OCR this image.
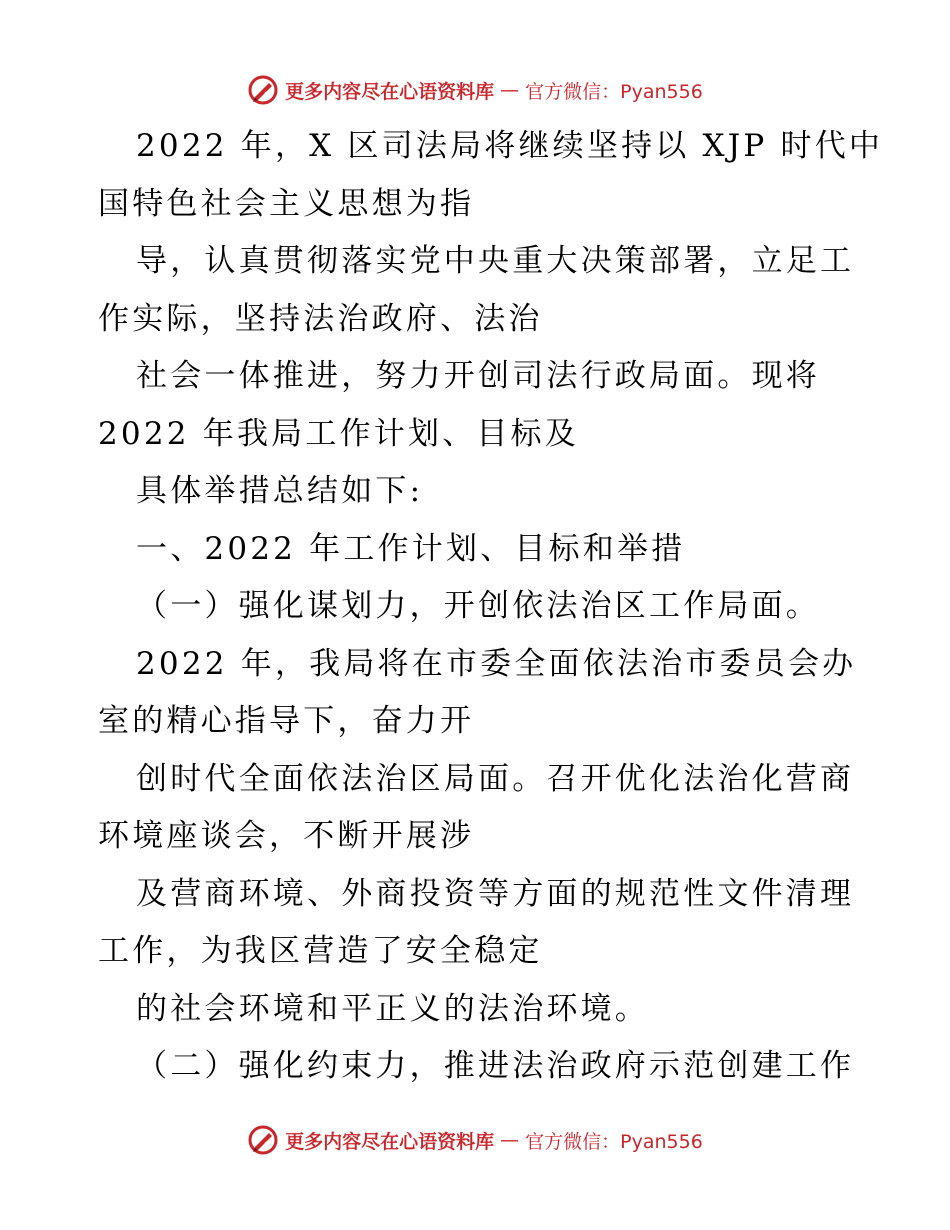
更多内容尽在心语资料库 — 官方微信：Pyan556
2022 年，X 区司法局将继续坚持以 XJP 时代中
国特色社会主义思想为指
导，认真贯彻落实党中央重大决策部署，立足工
作实际，坚持法治政府、法治
社会一体推进，努力开创司法行政局面。现将
2022 年我局工作计划、目标及
具体举措总结如下:
一、2022 年工作计划、目标和举措
（一）强化谋划力，开创依法治区工作局面。
2022 年，我局将在市委全面依法治市委员会办
室的精心指导下，奋力开
创时代全面依法治区局面。召开优化法治化营商
环境座谈会，不断开展涉
及营商环境、外商投资等方面的规范性文件清理
工作，为我区营造了安全稳定
的社会环境和平正义的法治环境。
（二）强化约束力，推进法治政府示范创建工作
更多内容尽在心语资料库 — 官方微信：Pyan556
